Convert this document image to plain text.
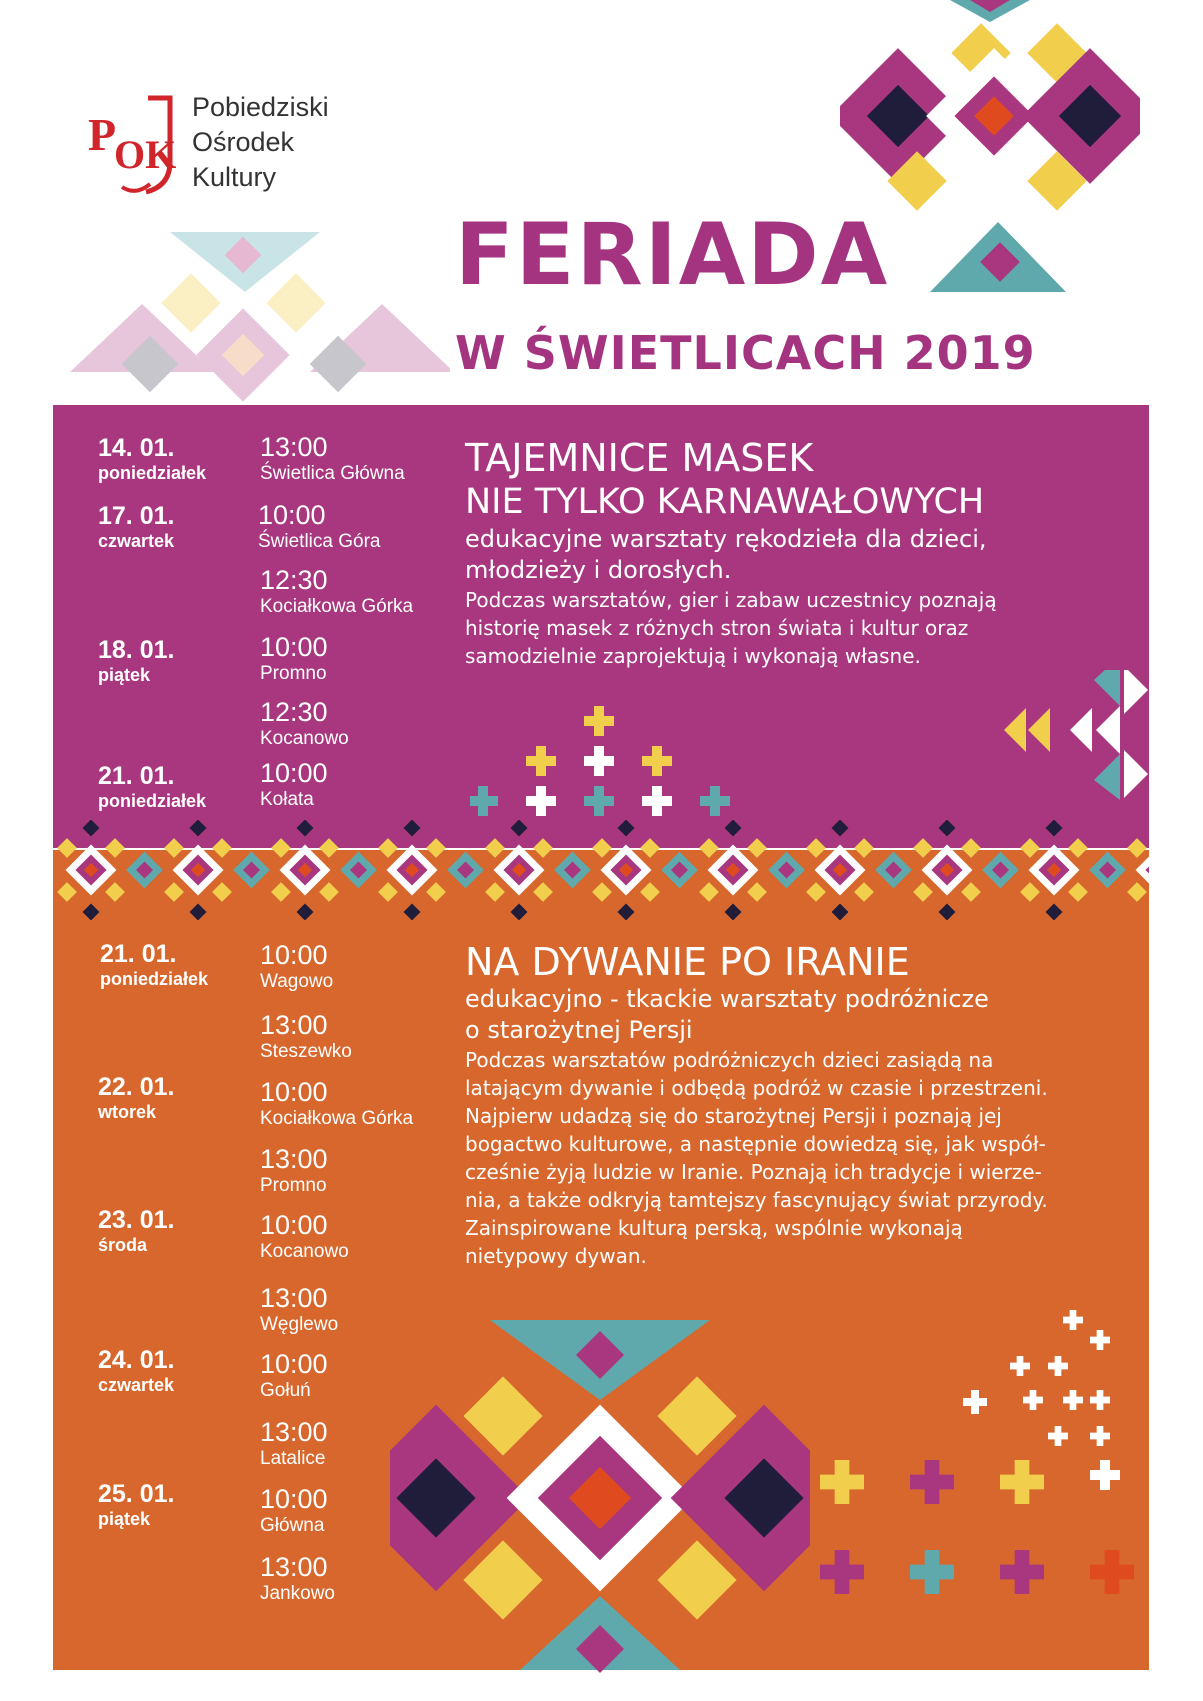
P
OK
Pobiedziski
Ośrodek
Kultury
FERIADA
W ŚWIETLICACH 2019
14. 01.
poniedziałek
17. 01.
czwartek
18. 01.
piątek
21. 01.
poniedziałek
13:00
Świetlica Główna
10:00
Świetlica Góra
12:30
Kociałkowa Górka
10:00
Promno
12:30
Kocanowo
10:00
Kołata
TAJEMNICE MASEK
NIE TYLKO KARNAWAŁOWYCH
edukacyjne warsztaty rękodzieła dla dzieci,
młodzieży i dorosłych.
Podczas warsztatów, gier i zabaw uczestnicy poznają
historię masek z różnych stron świata i kultur oraz
samodzielnie zaprojektują i wykonają własne.
21. 01.
poniedziałek
22. 01.
wtorek
23. 01.
środa
24. 01.
czwartek
25. 01.
piątek
10:00
Wagowo
13:00
Steszewko
10:00
Kociałkowa Górka
13:00
Promno
10:00
Kocanowo
13:00
Węglewo
10:00
Gołuń
13:00
Latalice
10:00
Główna
13:00
Jankowo
NA DYWANIE PO IRANIE
edukacyjno - tkackie warsztaty podróżnicze
o starożytnej Persji
Podczas warsztatów podróżniczych dzieci zasiądą na
latającym dywanie i odbędą podróż w czasie i przestrzeni.
Najpierw udadzą się do starożytnej Persji i poznają jej
bogactwo kulturowe, a następnie dowiedzą się, jak współ-
cześnie żyją ludzie w Iranie. Poznają ich tradycje i wierze-
nia, a także odkryją tamtejszy fascynujący świat przyrody.
Zainspirowane kulturą perską, wspólnie wykonają
nietypowy dywan.
